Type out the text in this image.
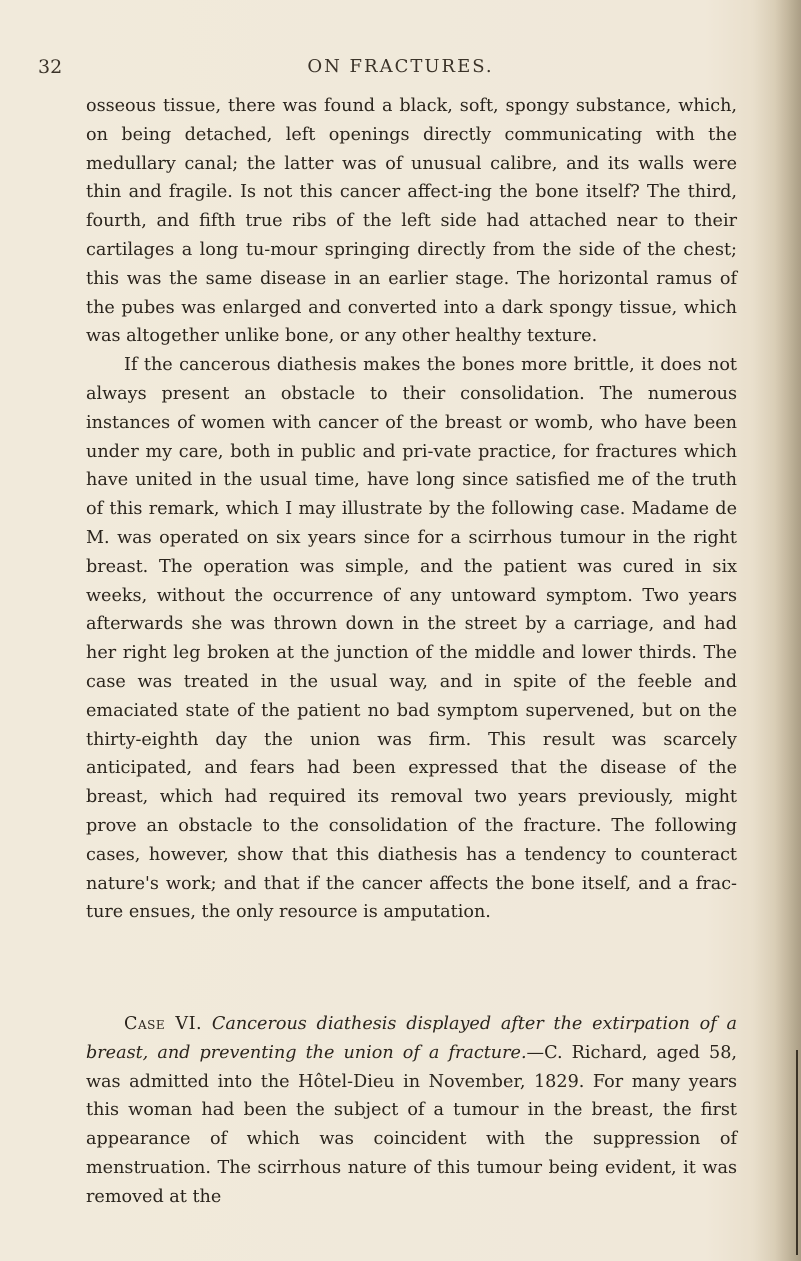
32	ON FRACTURES.

osseous tissue, there was found a black, soft, spongy substance, which, on being detached, left openings directly communicating with the medullary canal; the latter was of unusual calibre, and its walls were thin and fragile. Is not this cancer affect-ing the bone itself? The third, fourth, and fifth true ribs of the left side had attached near to their cartilages a long tu-mour springing directly from the side of the chest; this was the same disease in an earlier stage. The horizontal ramus of the pubes was enlarged and converted into a dark spongy tissue, which was altogether unlike bone, or any other healthy texture.

If the cancerous diathesis makes the bones more brittle, it does not always present an obstacle to their consolidation. The numerous instances of women with cancer of the breast or womb, who have been under my care, both in public and pri-vate practice, for fractures which have united in the usual time, have long since satisfied me of the truth of this remark, which I may illustrate by the following case. Madame de M. was operated on six years since for a scirrhous tumour in the right breast. The operation was simple, and the patient was cured in six weeks, without the occurrence of any untoward symptom. Two years afterwards she was thrown down in the street by a carriage, and had her right leg broken at the junction of the middle and lower thirds. The case was treated in the usual way, and in spite of the feeble and emaciated state of the patient no bad symptom supervened, but on the thirty-eighth day the union was firm. This result was scarcely anticipated, and fears had been expressed that the disease of the breast, which had required its removal two years previously, might prove an obstacle to the consolidation of the fracture. The following cases, however, show that this diathesis has a tendency to counteract nature's work; and that if the cancer affects the bone itself, and a frac-ture ensues, the only resource is amputation.

Case VI. Cancerous diathesis displayed after the extirpation of a breast, and preventing the union of a fracture.—C. Richard, aged 58, was admitted into the Hôtel-Dieu in November, 1829. For many years this woman had been the subject of a tumour in the breast, the first appearance of which was coincident with the suppression of menstruation. The scirrhous nature of this tumour being evident, it was removed at the
